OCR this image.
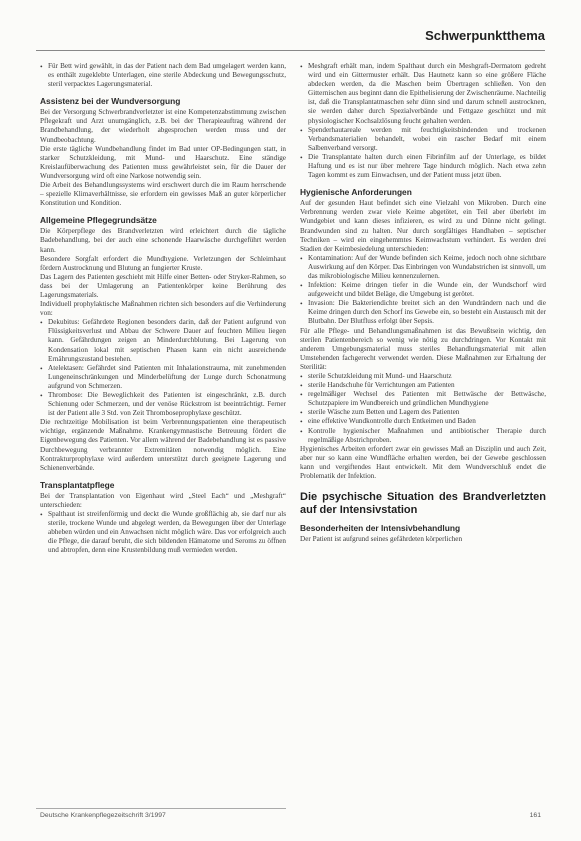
Schwerpunktthema
• Für Bett wird gewählt, in das der Patient nach dem Bad umgelagert werden kann, es enthält zugeklebte Unterlagen, eine sterile Abdeckung und Bewegungsschutz, steril verpacktes Lagerungsmaterial.
Assistenz bei der Wundversorgung

Bei der Versorgung Schwerbrandverletzter ist eine Kompetenzabstimmung zwischen Pflegekraft und Arzt unumgänglich, z.B. bei der Therapieauftrag während der Brandbehandlung, der wiederholt abgesprochen werden muss und der Wundbeobachtung.

Die erste tägliche Wundbehandlung findet im Bad unter OP-Bedingungen statt, in starker Schutzkleidung, mit Mund- und Haarschutz. Eine ständige Kreislaufüberwachung des Patienten muss gewährleistet sein, für die Dauer der Wundversorgung wird oft eine Narkose notwendig sein.

Die Arbeit des Behandlungssystems wird erschwert durch die im Raum herrschende – spezielle Klimaverhältnisse, sie erfordern ein gewisses Maß an guter körperlicher Konstitution und Kondition.

Allgemeine Pflegegrundsätze

Die Körperpflege des Brandverletzten wird erleichtert durch die tägliche Badebehandlung, bei der auch eine schonende Haarwäsche durchgeführt werden kann.

Besondere Sorgfalt erfordert die Mundhygiene. Verletzungen der Schleimhaut fördern Austrocknung und Blutung an fungierter Kruste.

Das Lagern des Patienten geschieht mit Hilfe einer Betten- oder Stryker-Rahmen, so dass bei der Umlagerung an Patientenkörper keine Berührung des Lagerungsmaterials.

Individuell prophylaktische Maßnahmen richten sich besonders auf die Verhinderung von:

• Dekubitus: Gefährdete Regionen besonders darin, daß der Patient aufgrund von Flüssigkeitsverlust und Abbau der Schwere Dauer auf feuchten Milieu liegen kann. Gefährdungen zeigen an Minderdurchblutung. Bei Lagerung von Kondensation lokal mit septischen Phasen kann ein nicht ausreichende Ernährungszustand bestehen.
• Atelektasen: Gefährdet sind Patienten mit Inhalationstrauma, mit zunehmenden Lungeneinschränkungen und Minderbelüftung der Lunge durch Schonatmung aufgrund von Schmerzen.
• Thrombose: Die Beweglichkeit des Patienten ist eingeschränkt, z.B. durch Schienung oder Schmerzen, und der venöse Rückstrom ist beeinträchtigt. Ferner ist der Patient alle 3 Std. von Zeit Thromboseprophylaxe geschützt.

Die rechtzeitige Mobilisation ist beim Verbrennungspatienten eine therapeutisch wichtige, ergänzende Maßnahme. Krankengymnastische Betreuung fördert die Eigenbewegung des Patienten. Vor allem während der Badebehandlung ist es passive Durchbewegung verbrannter Extremitäten notwendig möglich. Eine Kontrakturprophylaxe wird außerdem unterstützt durch geeignete Lagerung und Schienenverbände.

Transplantatpflege

Bei der Transplantation von Eigenhaut wird „Steel Each“ und „Meshgraft“ unterschieden:

• Spalthaut ist streifenförmig und deckt die Wunde großflächig ab, sie darf nur als sterile, trockene Wunde und abgelegt werden, da Bewegungen über der Unterlage abheben würden und ein Anwachsen nicht möglich wäre. Das vor erfolgreich auch die Pflege, die darauf beruht, die sich bildenden Hämatome und Seroms zu öffnen und abtropfen, denn eine Krustenbildung muß vermieden werden.
• Meshgraft erhält man, indem Spalthaut durch ein Meshgraft-Dermatom gedreht wird und ein Gittermuster erhält. Das Hautnetz kann so eine größere Fläche abdecken werden, da die Maschen beim Übertragen schließen. Von den Gitternischen aus beginnt dann die Epithelisierung der Zwischenräume. Nachteilig ist, daß die Transplantatmaschen sehr dünn sind und darum schnell austrocknen, sie werden daher durch Spezialverbände und Fettgaze geschützt und mit physiologischer Kochsalzlösung feucht gehalten werden.
• Spenderhautareale werden mit feuchtigkeitsbindenden und trockenen Verbandsmaterialien behandelt, wobei ein rascher Bedarf mit einem Salbenverband versorgt.
• Die Transplantate halten durch einen Fibrinfilm auf der Unterlage, es bildet Haftung und es ist nur über mehrere Tage hindurch möglich. Nach etwa zehn Tagen kommt es zum Einwachsen, und der Patient muss jetzt üben.
Hygienische Anforderungen

Auf der gesunden Haut befindet sich eine Vielzahl von Mikroben. Durch eine Verbrennung werden zwar viele Keime abgetötet, ein Teil aber überlebt im Wundgebiet und kann dieses infizieren, es wird zu und Dünne nicht gelingt. Brandwunden sind zu halten. Nur durch sorgfältiges Handhaben – septischer Techniken – wird ein eingehemmtes Keimwachstum verhindert. Es werden drei Stadien der Keimbesiedelung unterschieden:

• Kontamination: Auf der Wunde befinden sich Keime, jedoch noch ohne sichtbare Auswirkung auf den Körper. Das Einbringen von Wundabstrichen ist sinnvoll, um das mikrobiologische Milieu kennenzulernen.
• Infektion: Keime dringen tiefer in die Wunde ein, der Wundschorf wird aufgeweicht und bildet Beläge, die Umgebung ist gerötet.
• Invasion: Die Bakteriendichte breitet sich an den Wundrändern nach und die Keime dringen durch den Schorf ins Gewebe ein, so besteht ein Austausch mit der Blutbahn. Der Blutfluss erfolgt über Sepsis.

Für alle Pflege- und Behandlungsmaßnahmen ist das Bewußtsein wichtig, den sterilen Patientenbereich so wenig wie nötig zu durchdringen. Vor Kontakt mit anderem Umgebungsmaterial muss steriles Behandlungsmaterial mit allen Umstehenden fachgerecht verwendet werden. Diese Maßnahmen zur Erhaltung der Sterilität:

• sterile Schutzkleidung mit Mund- und Haarschutz
• sterile Handschuhe für Verrichtungen am Patienten
• regelmäßiger Wechsel des Patienten mit Bettwäsche der Bettwäsche, Schutzpapiere im Wundbereich und gründlichen Mundhygiene
• sterile Wäsche zum Betten und Lagern des Patienten
• eine effektive Wundkontrolle durch Entkeimen und Baden
• Kontrolle hygienischer Maßnahmen und antibiotischer Therapie durch regelmäßige Abstrichproben.

Hygienisches Arbeiten erfordert zwar ein gewisses Maß an Disziplin und auch Zeit, aber nur so kann eine Wundfläche erhalten werden, bei der Gewebe geschlossen kann und vergiftendes Haut entwickelt. Mit dem Wundverschluß endet die Problematik der Infektion.

Die psychische Situation des Brandverletzten auf der Intensivstation
Besonderheiten der Intensivbehandlung

Der Patient ist aufgrund seines gefährdeten körperlichen

Deutsche Krankenpflegezeitschrift 3/1997	161
